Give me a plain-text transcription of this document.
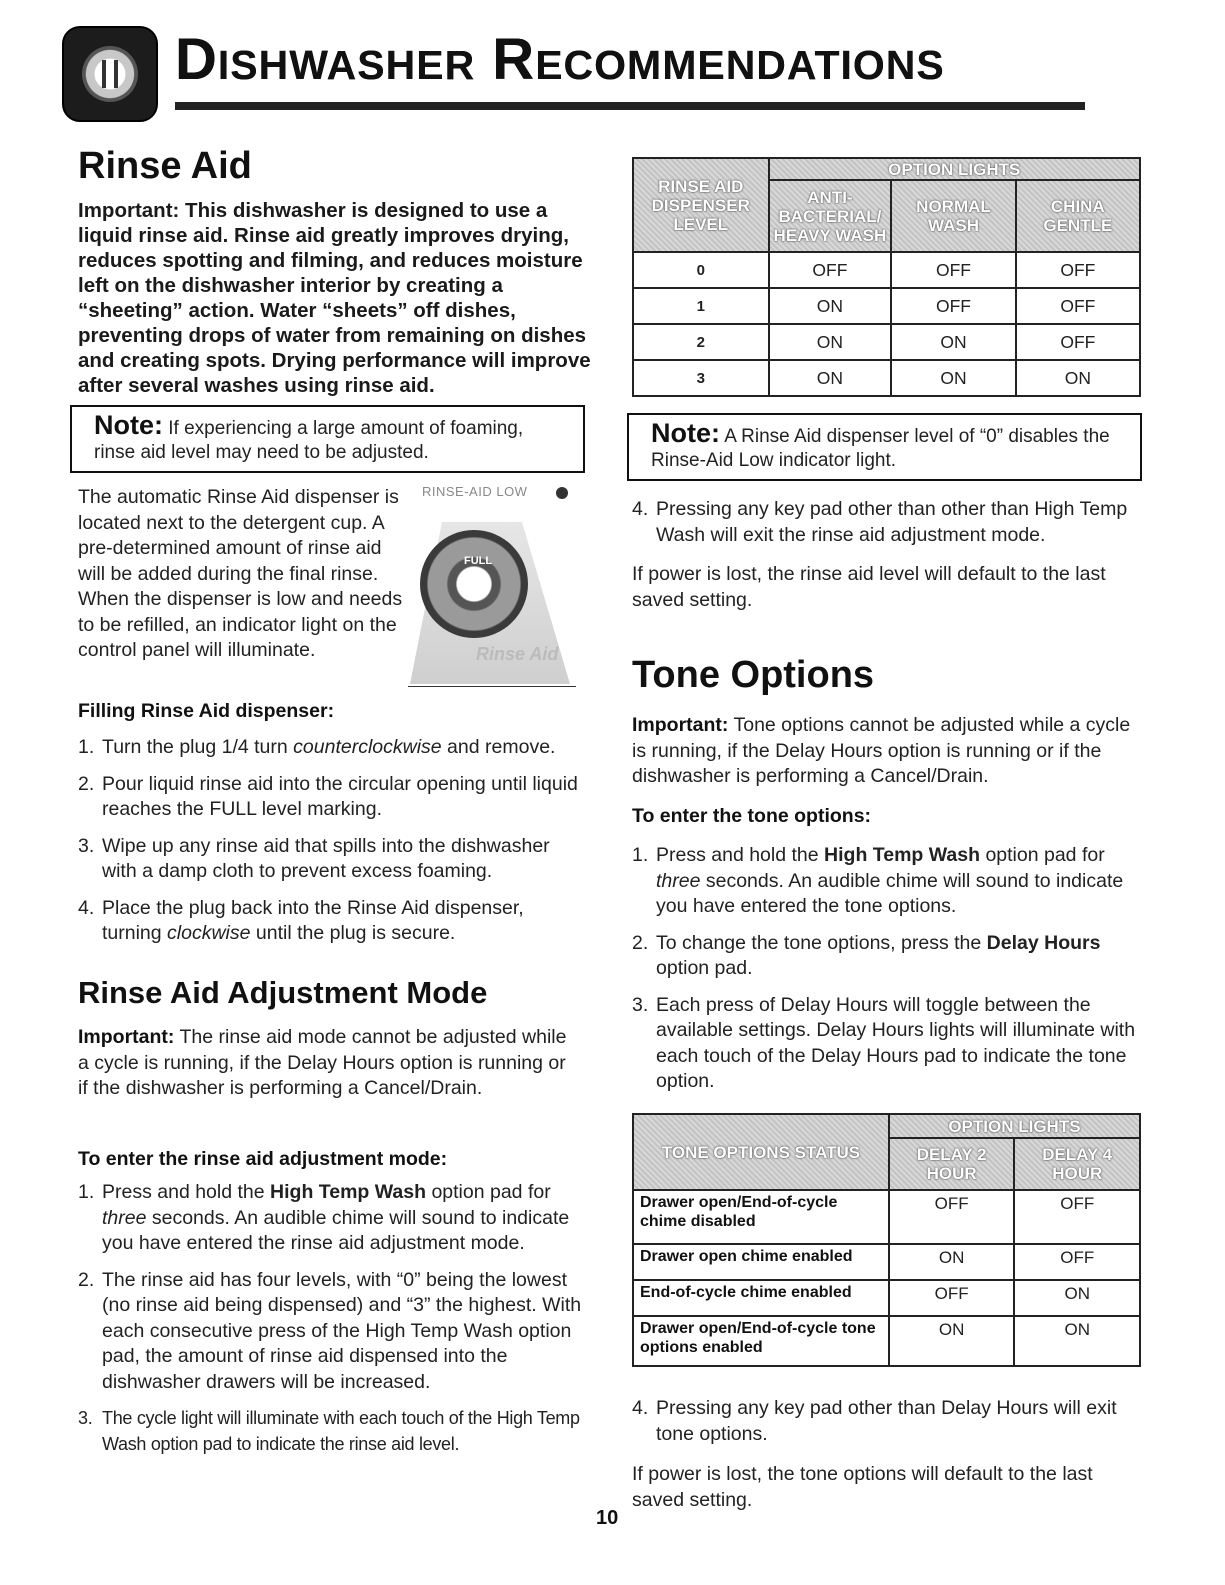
Dishwasher Recommendations
Rinse Aid

Important: This dishwasher is designed to use a liquid rinse aid. Rinse aid greatly improves drying, reduces spotting and filming, and reduces moisture left on the dishwasher interior by creating a “sheeting” action. Water “sheets” off dishes, preventing drops of water from remaining on dishes and creating spots. Drying performance will improve after several washes using rinse aid.

Note: If experiencing a large amount of foaming, rinse aid level may need to be adjusted.

The automatic Rinse Aid dispenser is located next to the detergent cup. A pre-determined amount of rinse aid will be added during the final rinse. When the dispenser is low and needs to be refilled, an indicator light on the control panel will illuminate.

RINSE-AID LOW
FULL
Rinse Aid
Filling Rinse Aid dispenser:
1. Turn the plug 1/4 turn counterclockwise and remove.
2. Pour liquid rinse aid into the circular opening until liquid reaches the FULL level marking.
3. Wipe up any rinse aid that spills into the dishwasher with a damp cloth to prevent excess foaming.
4. Place the plug back into the Rinse Aid dispenser, turning clockwise until the plug is secure.
Rinse Aid Adjustment Mode

Important: The rinse aid mode cannot be adjusted while a cycle is running, if the Delay Hours option is running or if the dishwasher is performing a Cancel/Drain.

To enter the rinse aid adjustment mode:
1. Press and hold the High Temp Wash option pad for three seconds. An audible chime will sound to indicate you have entered the rinse aid adjustment mode.
2. The rinse aid has four levels, with “0” being the lowest (no rinse aid being dispensed) and “3” the highest. With each consecutive press of the High Temp Wash option pad, the amount of rinse aid dispensed into the dishwasher drawers will be increased.
3. The cycle light will illuminate with each touch of the High Temp Wash option pad to indicate the rinse aid level.
RINSE AID DISPENSER LEVEL	OPTION LIGHTS		
	ANTI-BACTERIAL/ HEAVY WASH	NORMAL WASH	CHINA GENTLE
0	OFF	OFF	OFF
1	ON	OFF	OFF
2	ON	ON	OFF
3	ON	ON	ON
Note: A Rinse Aid dispenser level of “0” disables the Rinse-Aid Low indicator light.
4. Pressing any key pad other than other than High Temp Wash will exit the rinse aid adjustment mode.

If power is lost, the rinse aid level will default to the last saved setting.

Tone Options

Important: Tone options cannot be adjusted while a cycle is running, if the Delay Hours option is running or if the dishwasher is performing a Cancel/Drain.

To enter the tone options:
1. Press and hold the High Temp Wash option pad for three seconds. An audible chime will sound to indicate you have entered the tone options.
2. To change the tone options, press the Delay Hours option pad.
3. Each press of Delay Hours will toggle between the available settings. Delay Hours lights will illuminate with each touch of the Delay Hours pad to indicate the tone option.
TONE OPTIONS STATUS	OPTION LIGHTS	
	DELAY 2 HOUR	DELAY 4 HOUR
Drawer open/End-of-cycle chime disabled	OFF	OFF
Drawer open chime enabled	ON	OFF
End-of-cycle chime enabled	OFF	ON
Drawer open/End-of-cycle tone options enabled	ON	ON
4. Pressing any key pad other than Delay Hours will exit tone options.

If power is lost, the tone options will default to the last saved setting.

10
